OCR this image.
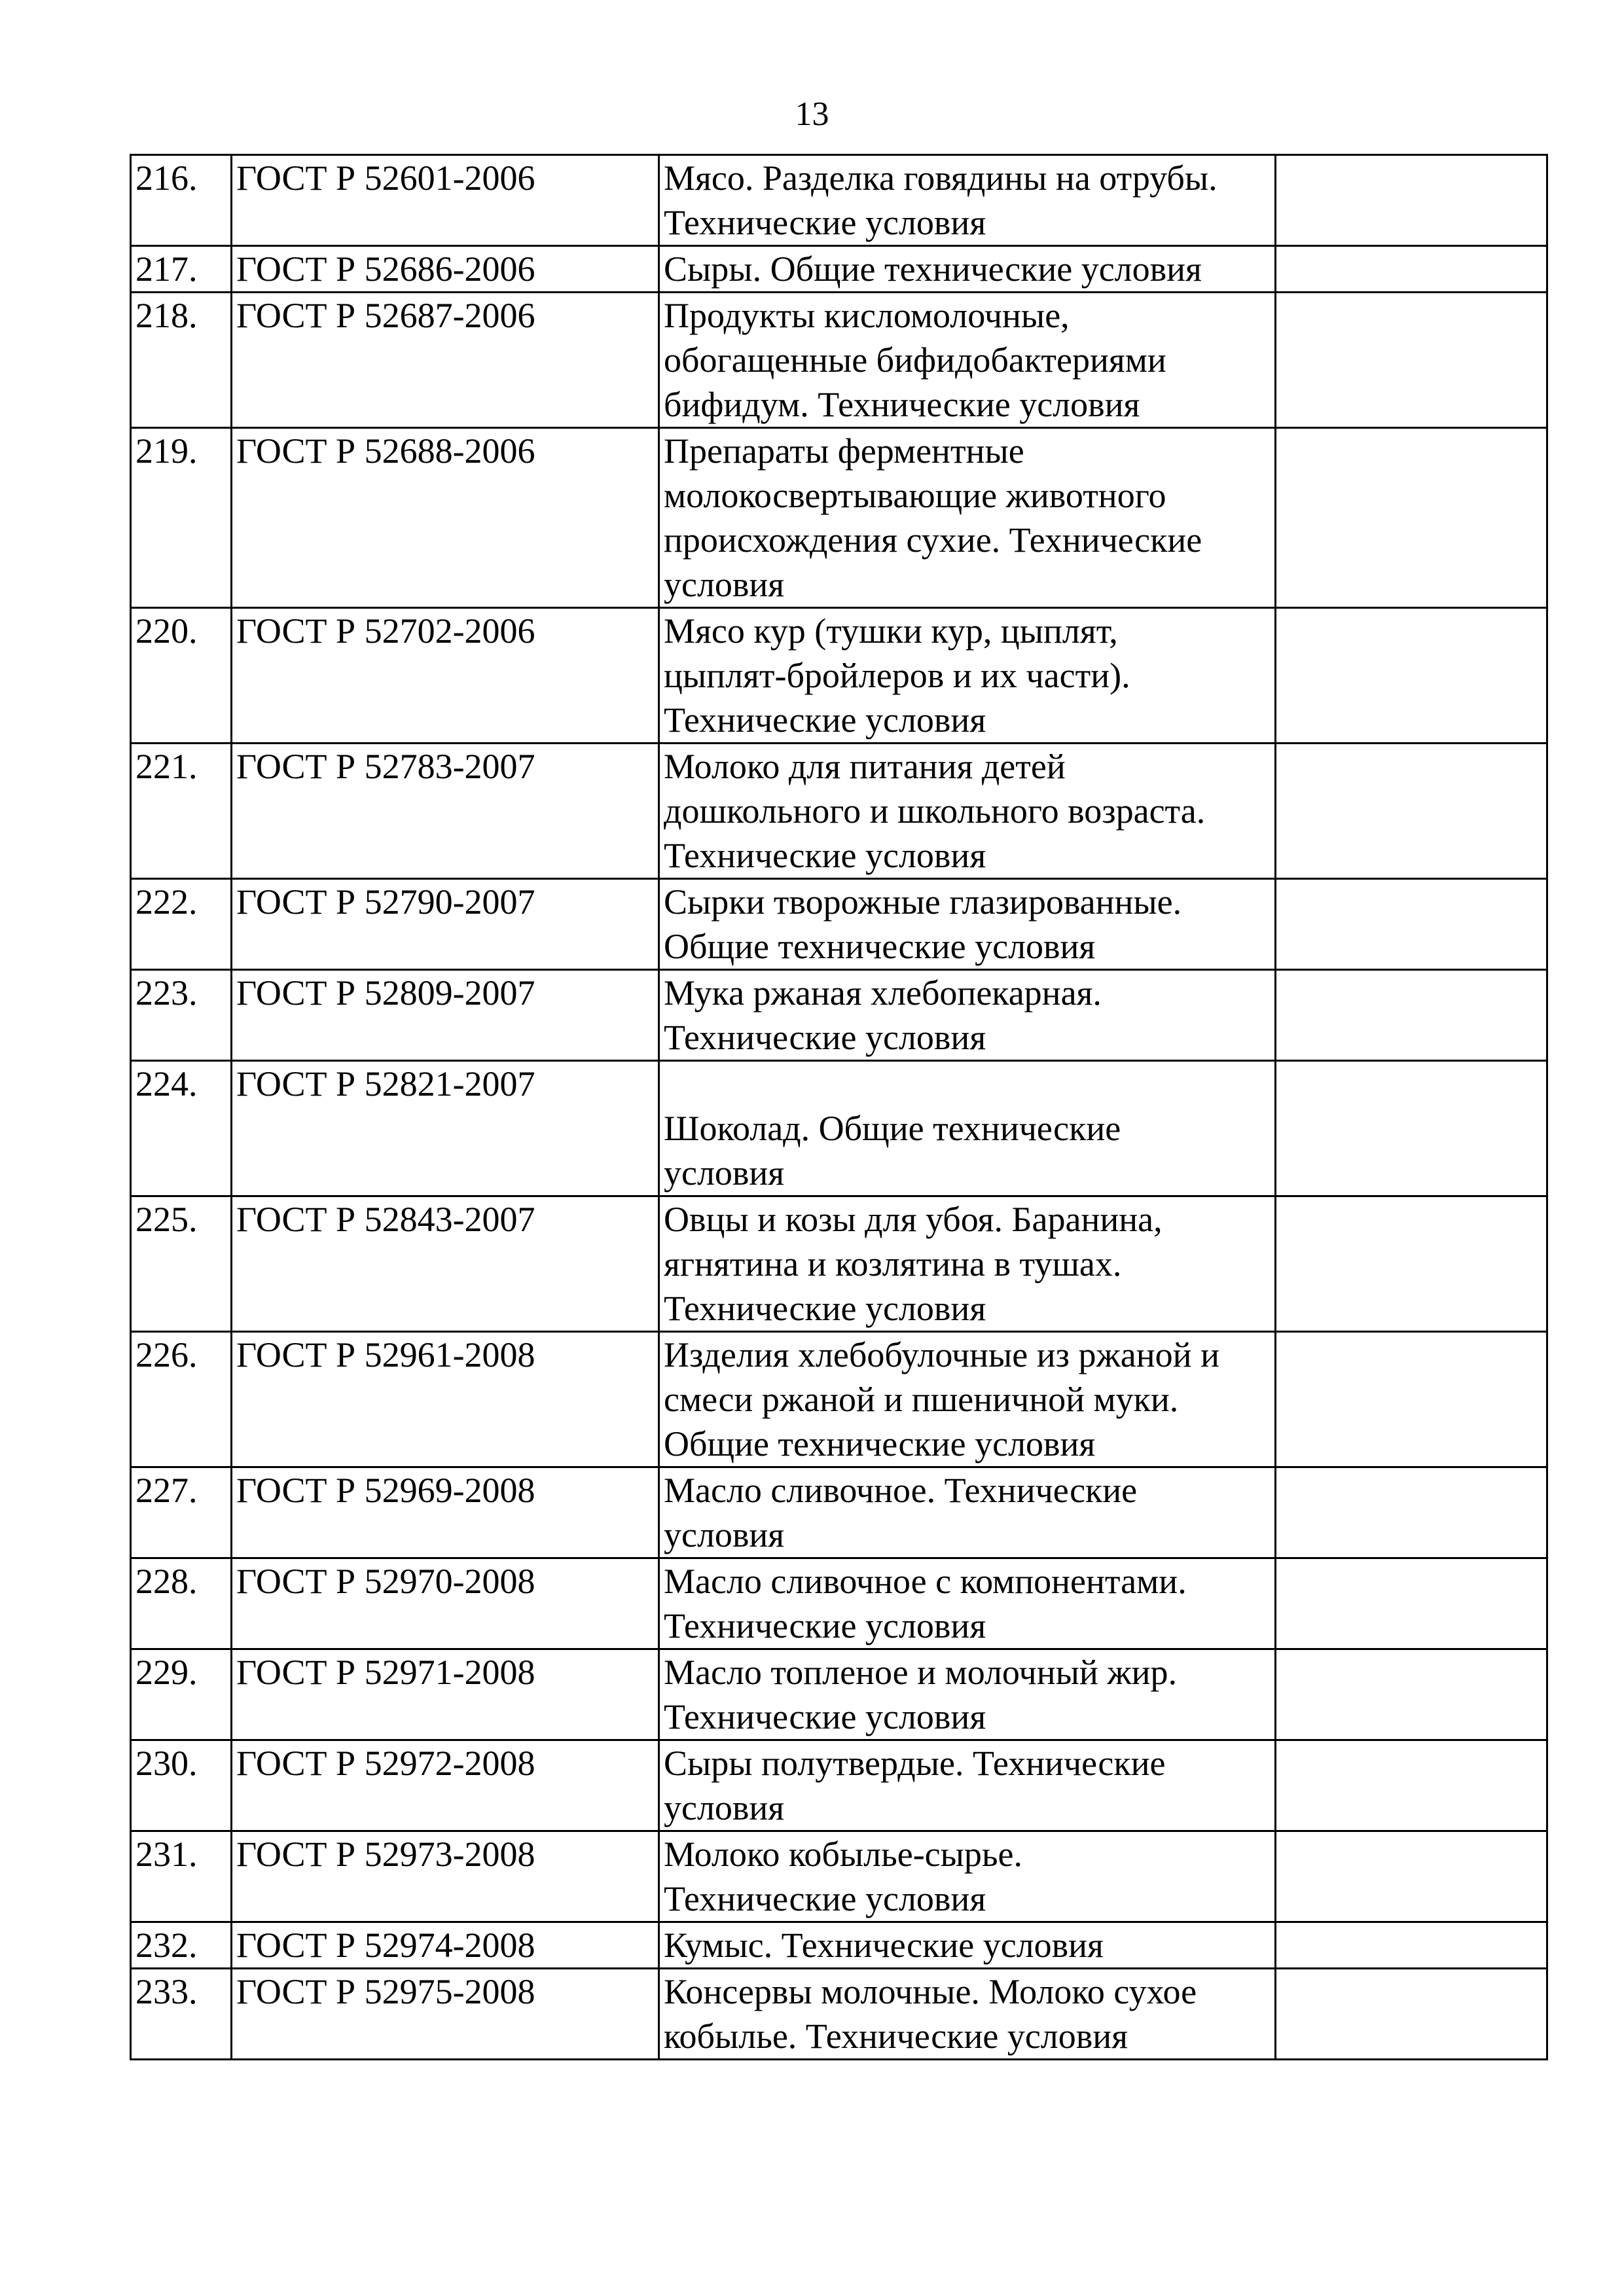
13
216.	ГОСТ Р 52601-2006	Мясо. Разделка говядины на отрубы.
Технические условия	
217.	ГОСТ Р 52686-2006	Сыры. Общие технические условия	
218.	ГОСТ Р 52687-2006	Продукты кисломолочные,
обогащенные бифидобактериями
бифидум. Технические условия	
219.	ГОСТ Р 52688-2006	Препараты ферментные
молокосвертывающие животного
происхождения сухие. Технические
условия	
220.	ГОСТ Р 52702-2006	Мясо кур (тушки кур, цыплят,
цыплят-бройлеров и их части).
Технические условия	
221.	ГОСТ Р 52783-2007	Молоко для питания детей
дошкольного и школьного возраста.
Технические условия

222.	ГОСТ Р 52790-2007	Сырки творожные глазированные.
Общие технические условия	
223.	ГОСТ Р 52809-2007	Мука ржаная хлебопекарная.
Технические условия	
224.	ГОСТ Р 52821-2007	
Шоколад. Общие технические
условия	
225.	ГОСТ Р 52843-2007	Овцы и козы для убоя. Баранина,
ягнятина и козлятина в тушах.
Технические условия	
226.	ГОСТ Р 52961-2008	Изделия хлебобулочные из ржаной и
смеси ржаной и пшеничной муки.
Общие технические условия	
227.	ГОСТ Р 52969-2008	Масло сливочное. Технические
условия	
228.	ГОСТ Р 52970-2008	Масло сливочное с компонентами.
Технические условия	
229.	ГОСТ Р 52971-2008	Масло топленое и молочный жир.
Технические условия	
230.	ГОСТ Р 52972-2008	Сыры полутвердые. Технические
условия	
231.	ГОСТ Р 52973-2008	Молоко кобылье-сырье.
Технические условия	
232.	ГОСТ Р 52974-2008	Кумыс. Технические условия	
233.	ГОСТ Р 52975-2008	Консервы молочные. Молоко сухое
кобылье. Технические условия	
